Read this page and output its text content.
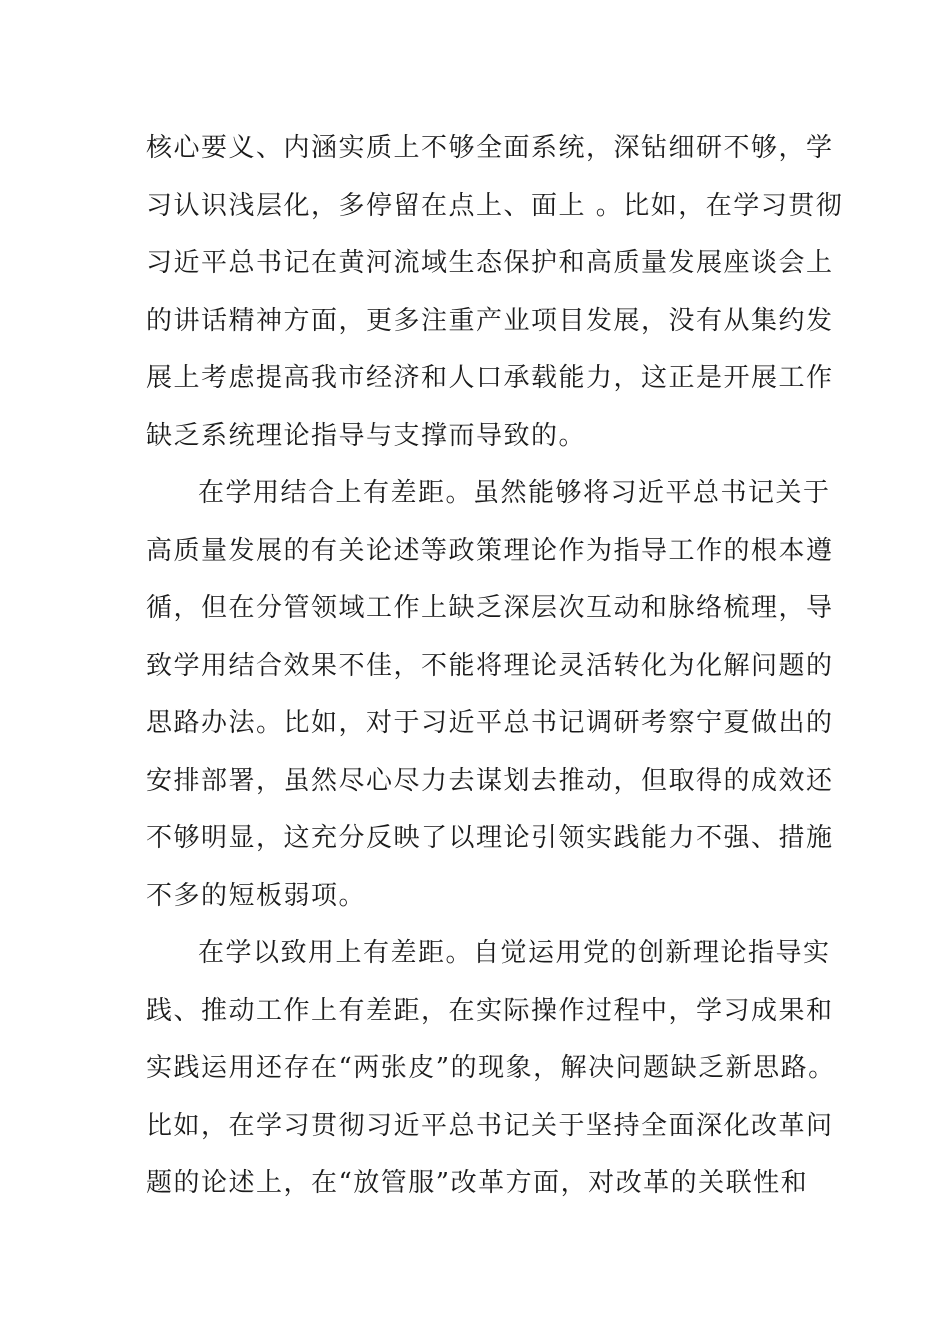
核心要义、内涵实质上不够全面系统，深钻细研不够，学
习认识浅层化，多停留在点上、面上 。比如，在学习贯彻
习近平总书记在黄河流域生态保护和高质量发展座谈会上
的讲话精神方面，更多注重产业项目发展，没有从集约发
展上考虑提高我市经济和人口承载能力，这正是开展工作
缺乏系统理论指导与支撑而导致的。
在学用结合上有差距。虽然能够将习近平总书记关于
高质量发展的有关论述等政策理论作为指导工作的根本遵
循，但在分管领域工作上缺乏深层次互动和脉络梳理，导
致学用结合效果不佳，不能将理论灵活转化为化解问题的
思路办法。比如，对于习近平总书记调研考察宁夏做出的
安排部署，虽然尽心尽力去谋划去推动，但取得的成效还
不够明显，这充分反映了以理论引领实践能力不强、措施
不多的短板弱项。
在学以致用上有差距。自觉运用党的创新理论指导实
践、推动工作上有差距，在实际操作过程中，学习成果和
实践运用还存在“两张皮”的现象，解决问题缺乏新思路。
比如，在学习贯彻习近平总书记关于坚持全面深化改革问
题的论述上，在“放管服”改革方面，对改革的关联性和
